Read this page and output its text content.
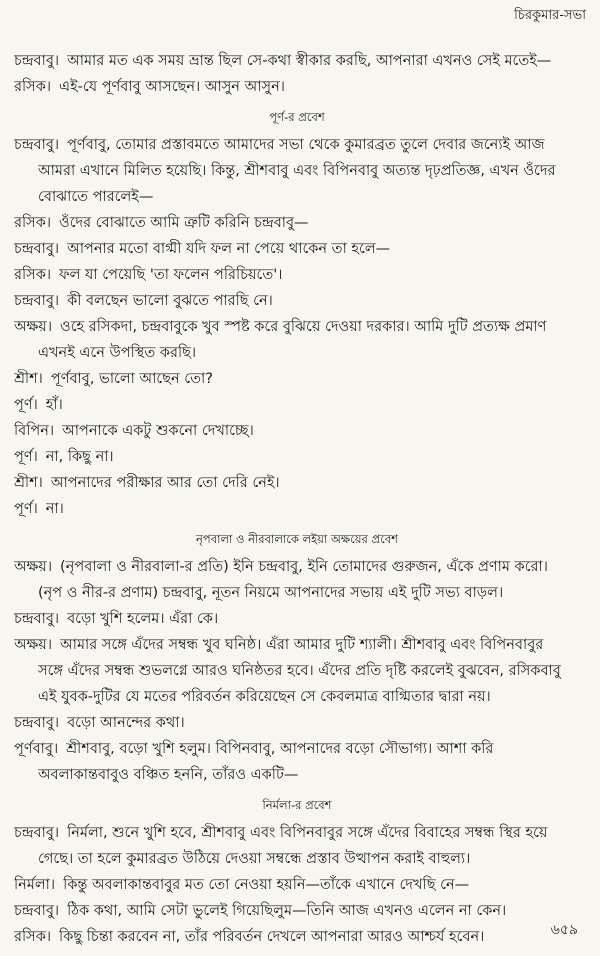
চিরকুমার-সভা
চন্দ্রবাবু। আমার মত এক সময় ভ্রান্ত ছিল সে-কথা স্বীকার করছি, আপনারা এখনও সেই মতেই—
রসিক। এই-যে পূর্ণবাবু আসছেন। আসুন আসুন।
পূর্ণ-র প্রবেশ
চন্দ্রবাবু। পূর্ণবাবু, তোমার প্রস্তাবমতে আমাদের সভা থেকে কুমারব্রত তুলে দেবার জন্যেই আজ
আমরা এখানে মিলিত হয়েছি। কিন্তু, শ্রীশবাবু এবং বিপিনবাবু অত্যন্ত দৃঢ়প্রতিজ্ঞ, এখন ওঁদের
বোঝাতে পারলেই—
রসিক। ওঁদের বোঝাতে আমি ত্রুটি করিনি চন্দ্রবাবু—
চন্দ্রবাবু। আপনার মতো বাগ্মী যদি ফল না পেয়ে থাকেন তা হলে—
রসিক। ফল যা পেয়েছি 'তা ফলেন পরিচিয়তে'।
চন্দ্রবাবু। কী বলছেন ভালো বুঝতে পারছি নে।
অক্ষয়। ওহে রসিকদা, চন্দ্রবাবুকে খুব স্পষ্ট করে বুঝিয়ে দেওয়া দরকার। আমি দুটি প্রত্যক্ষ প্রমাণ
এখনই এনে উপস্থিত করছি।
শ্রীশ। পূর্ণবাবু, ভালো আছেন তো?
পূর্ণ। হাঁ।
বিপিন। আপনাকে একটু শুকনো দেখাচ্ছে।
পূর্ণ। না, কিছু না।
শ্রীশ। আপনাদের পরীক্ষার আর তো দেরি নেই।
পূর্ণ। না।
নৃপবালা ও নীরবালাকে লইয়া অক্ষয়ের প্রবেশ
অক্ষয়। (নৃপবালা ও নীরবালা-র প্রতি) ইনি চন্দ্রবাবু, ইনি তোমাদের গুরুজন, এঁকে প্রণাম করো।
(নৃপ ও নীর-র প্রণাম) চন্দ্রবাবু, নূতন নিয়মে আপনাদের সভায় এই দুটি সভ্য বাড়ল।
চন্দ্রবাবু। বড়ো খুশি হলেম। এঁরা কে।
অক্ষয়। আমার সঙ্গে এঁদের সম্বন্ধ খুব ঘনিষ্ঠ। এঁরা আমার দুটি শ্যালী। শ্রীশবাবু এবং বিপিনবাবুর
সঙ্গে এঁদের সম্বন্ধ শুভলগ্নে আরও ঘনিষ্ঠতর হবে। এঁদের প্রতি দৃষ্টি করলেই বুঝবেন, রসিকবাবু
এই যুবক-দুটির যে মতের পরিবর্তন করিয়েছেন সে কেবলমাত্র বাগ্মিতার দ্বারা নয়।
চন্দ্রবাবু। বড়ো আনন্দের কথা।
পূর্ণবাবু। শ্রীশবাবু, বড়ো খুশি হলুম। বিপিনবাবু, আপনাদের বড়ো সৌভাগ্য। আশা করি
অবলাকান্তবাবুও বঞ্চিত হননি, তাঁরও একটি—
নির্মলা-র প্রবেশ
চন্দ্রবাবু। নির্মলা, শুনে খুশি হবে, শ্রীশবাবু এবং বিপিনবাবুর সঙ্গে এঁদের বিবাহের সম্বন্ধ স্থির হয়ে
গেছে। তা হলে কুমারব্রত উঠিয়ে দেওয়া সম্বন্ধে প্রস্তাব উত্থাপন করাই বাহুল্য।
নির্মলা। কিন্তু অবলাকান্তবাবুর মত তো নেওয়া হয়নি—তাঁকে এখানে দেখছি নে—
চন্দ্রবাবু। ঠিক কথা, আমি সেটা ভুলেই গিয়েছিলুম—তিনি আজ এখনও এলেন না কেন।
রসিক। কিছু চিন্তা করবেন না, তাঁর পরিবর্তন দেখলে আপনারা আরও আশ্চর্য হবেন।	৬৫৯
